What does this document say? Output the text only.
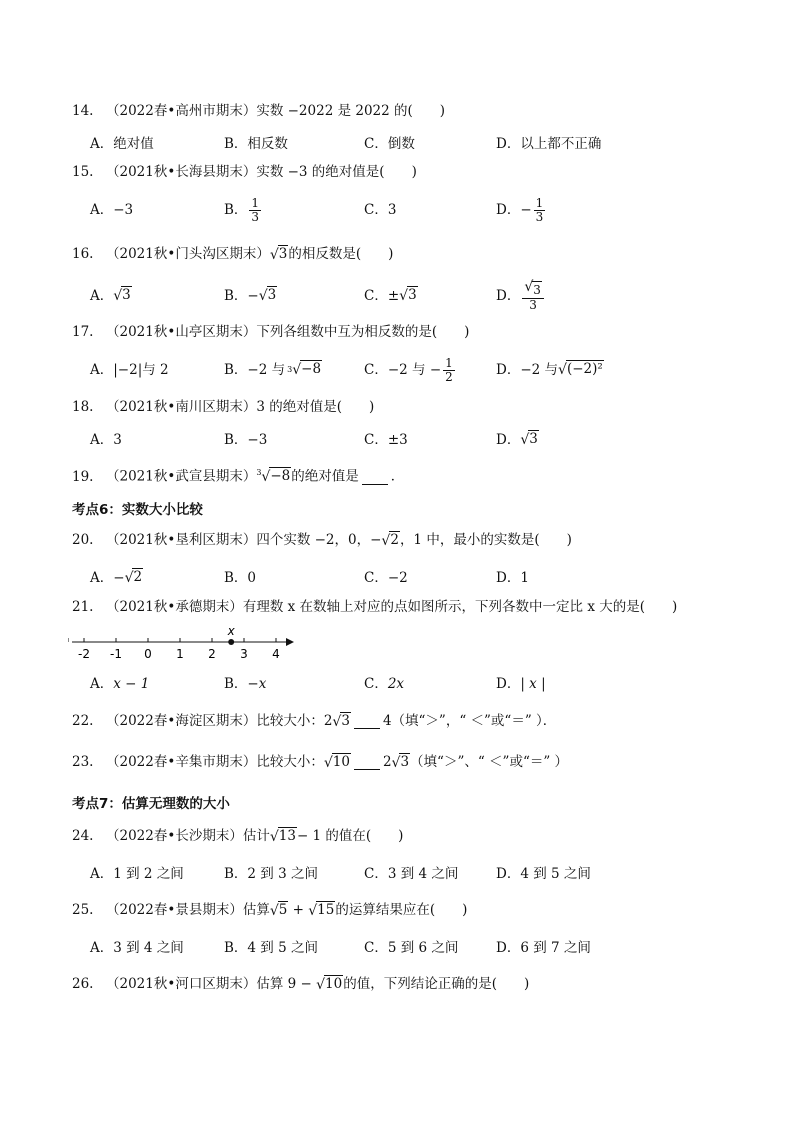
14. （2022春•高州市期末）实数 −2022 是 2022 的(　　)
A．绝对值	B．相反数	C．倒数	D．以上都不正确
15. （2021秋•长海县期末）实数 −3 的绝对值是(　　)
A． −3	B． $\frac{1}{3}$	C． 3	D． − $\frac{1}{3}$
16. （2021秋•门头沟区期末） √ 3 的相反数是(　　)
A． √ 3	B． − √ 3	C． ± √ 3	D． $\frac{√ 3}{3}$
17. （2021秋•山亭区期末）下列各组数中互为相反数的是(　　)
A． |−2|与 2	B． −2 与 3 √ −8	C． −2 与 − $\frac{1}{2}$	D． −2 与 √ (−2)²
18. （2021秋•南川区期末）3 的绝对值是(　　)
A．3	B．−3	C．±3	D． √ 3
19. （2021秋•武宣县期末）$^3$ √ −8 的绝对值是 ．
考点6：实数大小比较
20. （2021秋•垦利区期末）四个实数 −2，0，− √ 2 ，1 中，最小的实数是(　　)
A．− √ 2	B．0	C．−2	D．1
21. （2021秋•承德期末）有理数 x 在数轴上对应的点如图所示，下列各数中一定比 x 大的是(　　)
-2 -1 0 1 2 3 4
x
A． x − 1	B． −x	C． 2x	D． | x |
22. （2022春•海淀区期末）比较大小：2 √ 3 4（填“＞”，“ ＜”或“＝” ）．
23. （2022春•辛集市期末）比较大小： √ 10 2 √ 3 （填“＞”、“ ＜”或“＝” ）
考点7：估算无理数的大小
24. （2022春•长沙期末）估计 √ 13 − 1 的值在(　　)
A．1 到 2 之间	B．2 到 3 之间	C．3 到 4 之间	D．4 到 5 之间
25. （2022春•景县期末）估算 √ 5 + √ 15 的运算结果应在(　　)
A．3 到 4 之间	B．4 到 5 之间	C．5 到 6 之间	D．6 到 7 之间
26. （2021秋•河口区期末）估算 9 − √ 10 的值，下列结论正确的是(　　)
